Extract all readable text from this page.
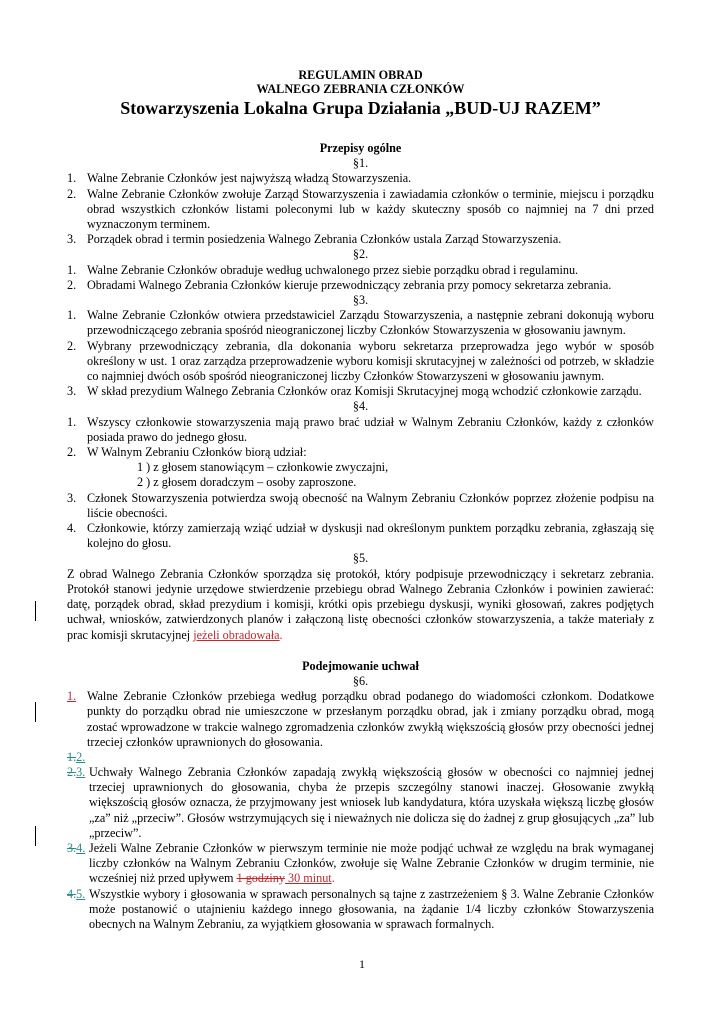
REGULAMIN OBRAD
WALNEGO ZEBRANIA CZŁONKÓW
Stowarzyszenia Lokalna Grupa Działania „BUD-UJ RAZEM”
Przepisy ogólne
§1.
1. Walne Zebranie Członków jest najwyższą władzą Stowarzyszenia.
2. Walne Zebranie Członków zwołuje Zarząd Stowarzyszenia i zawiadamia członków o terminie, miejscu i porządku obrad wszystkich członków listami poleconymi lub w każdy skuteczny sposób co najmniej na 7 dni przed wyznaczonym terminem.
3. Porządek obrad i termin posiedzenia Walnego Zebrania Członków ustala Zarząd Stowarzyszenia.
§2.
1. Walne Zebranie Członków obraduje według uchwalonego przez siebie porządku obrad i regulaminu.
2. Obradami Walnego Zebrania Członków kieruje przewodniczący zebrania przy pomocy sekretarza zebrania.
§3.
1. Walne Zebranie Członków otwiera przedstawiciel Zarządu Stowarzyszenia, a następnie zebrani dokonują wyboru przewodniczącego zebrania spośród nieograniczonej liczby Członków Stowarzyszenia w głosowaniu jawnym.
2. Wybrany przewodniczący zebrania, dla dokonania wyboru sekretarza przeprowadza jego wybór w sposób określony w ust. 1 oraz zarządza przeprowadzenie wyboru komisji skrutacyjnej w zależności od potrzeb, w składzie co najmniej dwóch osób spośród nieograniczonej liczby Członków Stowarzyszeni w głosowaniu jawnym.
3. W skład prezydium Walnego Zebrania Członków oraz Komisji Skrutacyjnej mogą wchodzić członkowie zarządu.
§4.
1. Wszyscy członkowie stowarzyszenia mają prawo brać udział w Walnym Zebraniu Członków, każdy z członków posiada prawo do jednego głosu.
2. W Walnym Zebraniu Członków biorą udział:
1 ) z głosem stanowiącym – członkowie zwyczajni,
2 ) z głosem doradczym – osoby zaproszone.
3. Członek Stowarzyszenia potwierdza swoją obecność na Walnym Zebraniu Członków poprzez złożenie podpisu na liście obecności.
4. Członkowie, którzy zamierzają wziąć udział w dyskusji nad określonym punktem porządku zebrania, zgłaszają się kolejno do głosu.
§5.
Z obrad Walnego Zebrania Członków sporządza się protokół, który podpisuje przewodniczący i sekretarz zebrania. Protokół stanowi jedynie urzędowe stwierdzenie przebiegu obrad Walnego Zebrania Członków i powinien zawierać: datę, porządek obrad, skład prezydium i komisji, krótki opis przebiegu dyskusji, wyniki głosowań, zakres podjętych uchwał, wniosków, zatwierdzonych planów i załączoną listę obecności członków stowarzyszenia, a także materiały z prac komisji skrutacyjnej jeżeli obradowała.
Podejmowanie uchwał
§6.
1. Walne Zebranie Członków przebiega według porządku obrad podanego do wiadomości członkom. Dodatkowe punkty do porządku obrad nie umieszczone w przesłanym porządku obrad, jak i zmiany porządku obrad, mogą zostać wprowadzone w trakcie walnego zgromadzenia członków zwykłą większością głosów przy obecności jednej trzeciej członków uprawnionych do głosowania.
1.2.
2.3. Uchwały Walnego Zebrania Członków zapadają zwykłą większością głosów w obecności co najmniej jednej trzeciej uprawnionych do głosowania, chyba że przepis szczególny stanowi inaczej. Głosowanie zwykłą większością głosów oznacza, że przyjmowany jest wniosek lub kandydatura, która uzyskała większą liczbę głosów „za” niż „przeciw”. Głosów wstrzymujących się i nieważnych nie dolicza się do żadnej z grup głosujących „za” lub „przeciw”.
3.4. Jeżeli Walne Zebranie Członków w pierwszym terminie nie może podjąć uchwał ze względu na brak wymaganej liczby członków na Walnym Zebraniu Członków, zwołuje się Walne Zebranie Członków w drugim terminie, nie wcześniej niż przed upływem 1 godziny 30 minut.
4.5. Wszystkie wybory i głosowania w sprawach personalnych są tajne z zastrzeżeniem § 3. Walne Zebranie Członków może postanowić o utajnieniu każdego innego głosowania, na żądanie 1/4 liczby członków Stowarzyszenia obecnych na Walnym Zebraniu, za wyjątkiem głosowania w sprawach formalnych.
1
